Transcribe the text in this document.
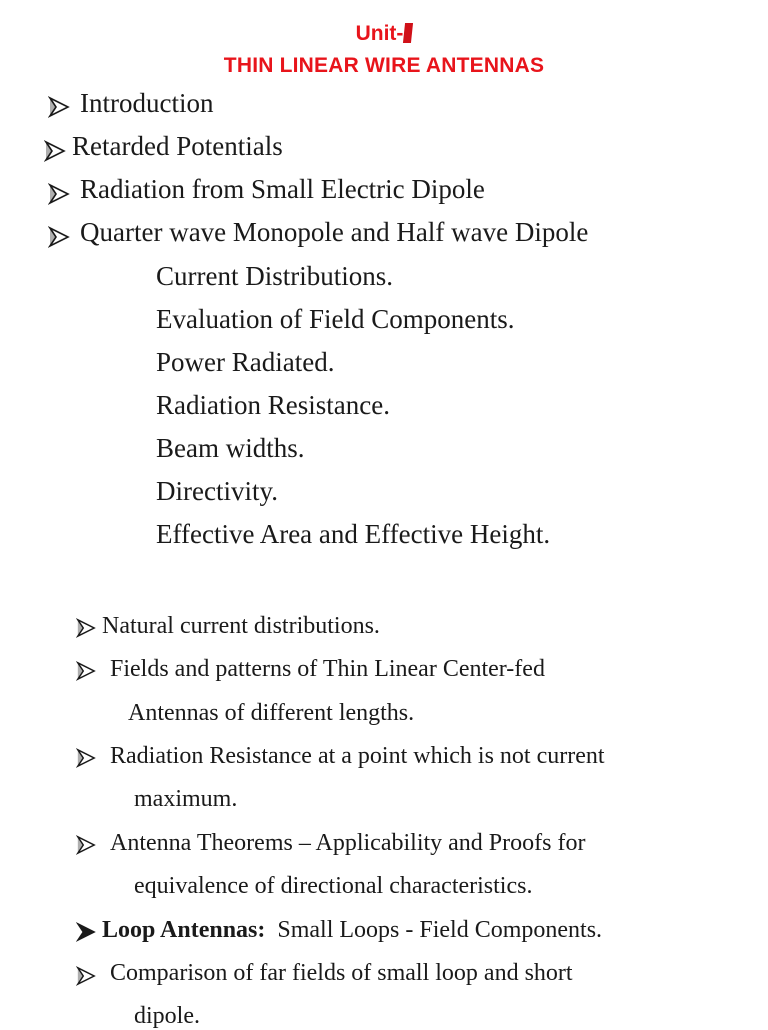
Unit-
THIN LINEAR WIRE ANTENNAS
Introduction
Retarded Potentials
Radiation from Small Electric Dipole
Quarter wave Monopole and Half wave Dipole
Current Distributions.
Evaluation of Field Components.
Power Radiated.
Radiation Resistance.
Beam widths.
Directivity.
Effective Area and Effective Height.
Natural current distributions.
Fields and patterns of Thin Linear Center-fed
Antennas of different lengths.
Radiation Resistance at a point which is not current
maximum.
Antenna Theorems – Applicability and Proofs for
equivalence of directional characteristics.
Loop Antennas: Small Loops - Field Components.
Comparison of far fields of small loop and short
dipole.
